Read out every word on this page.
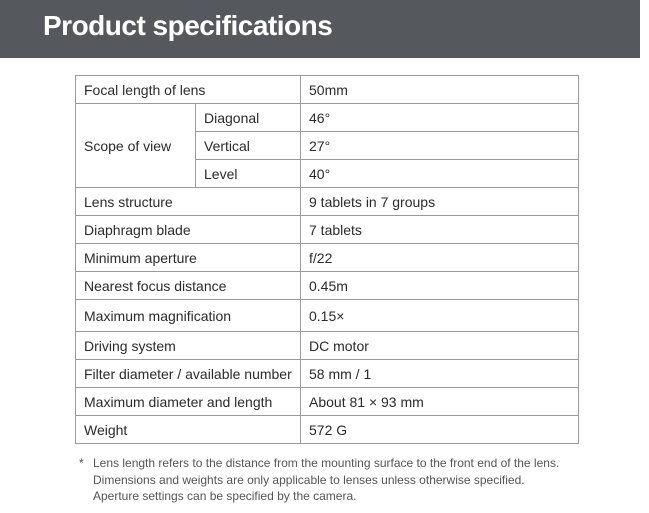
Product specifications
Focal length of lens		50mm
Scope of view	Diagonal	46°
	Vertical	27°
	Level	40°
Lens structure		9 tablets in 7 groups
Diaphragm blade		7 tablets
Minimum aperture		f/22
Nearest focus distance		0.45m
Maximum magnification		0.15×
Driving system		DC motor
Filter diameter / available number		58 mm / 1
Maximum diameter and length		About 81 × 93 mm
Weight		572 G
* Lens length refers to the distance from the mounting surface to the front end of the lens.
Dimensions and weights are only applicable to lenses unless otherwise specified.
Aperture settings can be specified by the camera.
